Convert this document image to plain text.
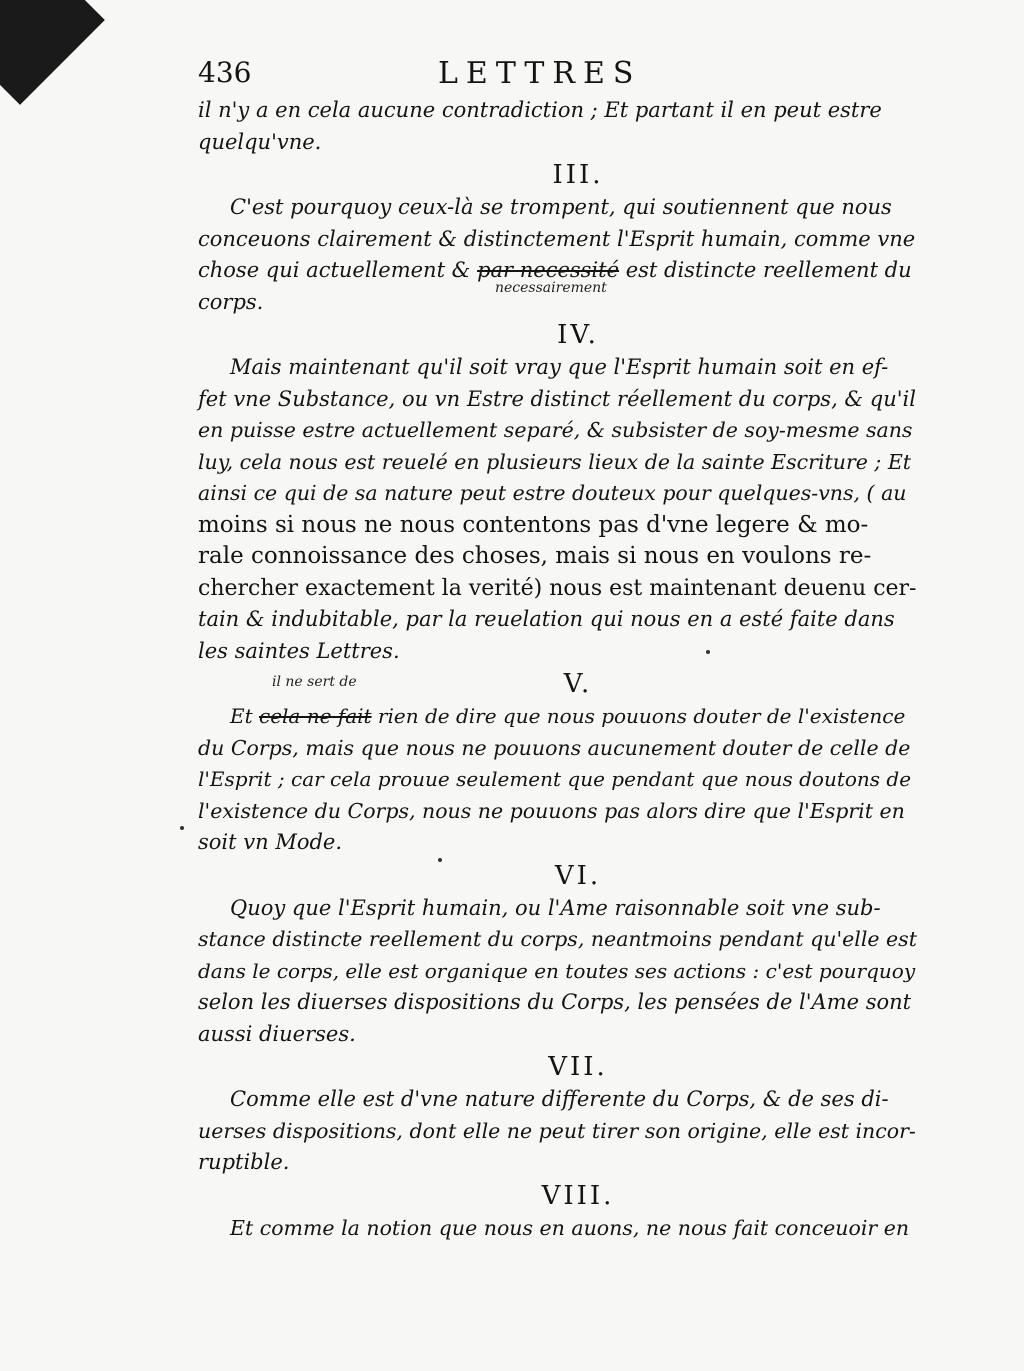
436	LETTRES
il n'y a en cela aucune contradiction ; Et partant il en peut estre
quelqu'vne.
III.
C'est pourquoy ceux-là se trompent, qui soutiennent que nous
conceuons clairement & distinctement l'Esprit humain, comme vne
chose qui actuellement & par necessité est distincte reellement du
corps.
IV.
Mais maintenant qu'il soit vray que l'Esprit humain soit en ef-
fet vne Substance, ou vn Estre distinct réellement du corps, & qu'il
en puisse estre actuellement separé, & subsister de soy-mesme sans
luy, cela nous est reuelé en plusieurs lieux de la sainte Escriture ; Et
ainsi ce qui de sa nature peut estre douteux pour quelques-vns, ( au
moins si nous ne nous contentons pas d'vne legere & mo-
rale connoissance des choses, mais si nous en voulons re-
chercher exactement la verité) nous est maintenant deuenu cer-
tain & indubitable, par la reuelation qui nous en a esté faite dans
les saintes Lettres.
V.
Et cela ne fait rien de dire que nous pouuons douter de l'existence
du Corps, mais que nous ne pouuons aucunement douter de celle de
l'Esprit ; car cela prouue seulement que pendant que nous doutons de
l'existence du Corps, nous ne pouuons pas alors dire que l'Esprit en
soit vn Mode.
VI.
Quoy que l'Esprit humain, ou l'Ame raisonnable soit vne sub-
stance distincte reellement du corps, neantmoins pendant qu'elle est
dans le corps, elle est organique en toutes ses actions : c'est pourquoy
selon les diuerses dispositions du Corps, les pensées de l'Ame sont
aussi diuerses.
VII.
Comme elle est d'vne nature differente du Corps, & de ses di-
uerses dispositions, dont elle ne peut tirer son origine, elle est incor-
ruptible.
VIII.
Et comme la notion que nous en auons, ne nous fait conceuoir en
necessairement
il ne sert de
